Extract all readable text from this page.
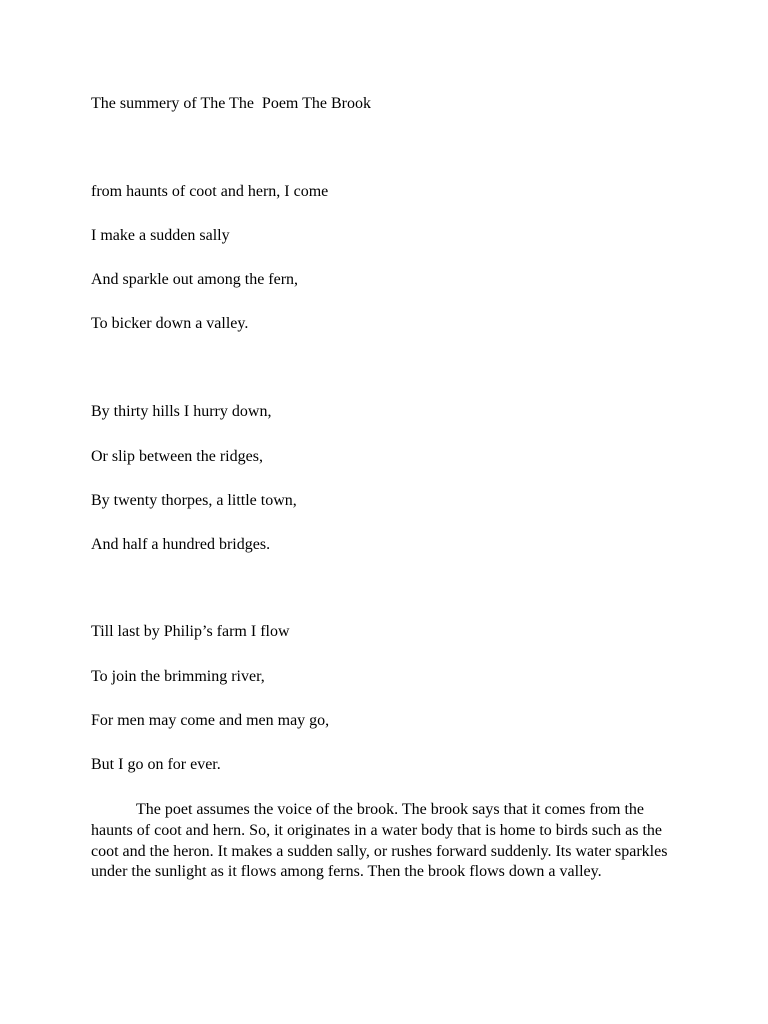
The summery of The The  Poem The Brook
from haunts of coot and hern, I come
I make a sudden sally
And sparkle out among the fern,
To bicker down a valley.
By thirty hills I hurry down,
Or slip between the ridges,
By twenty thorpes, a little town,
And half a hundred bridges.
Till last by Philip’s farm I flow
To join the brimming river,
For men may come and men may go,
But I go on for ever.

The poet assumes the voice of the brook. The brook says that it comes from the haunts of coot and hern. So, it originates in a water body that is home to birds such as the coot and the heron. It makes a sudden sally, or rushes forward suddenly. Its water sparkles under the sunlight as it flows among ferns. Then the brook flows down a valley.
